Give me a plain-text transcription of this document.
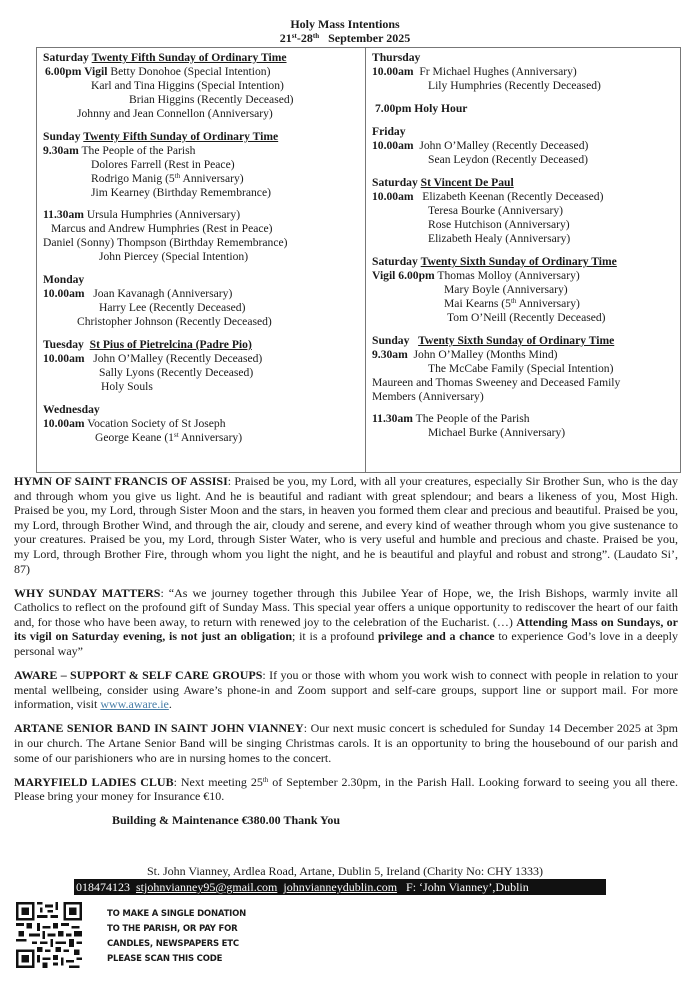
Holy Mass Intentions
21st-28th September 2025
Saturday Twenty Fifth Sunday of Ordinary Time
6.00pm Vigil Betty Donohoe (Special Intention)
Karl and Tina Higgins (Special Intention)
Brian Higgins (Recently Deceased)
Johnny and Jean Connellon (Anniversary)
Sunday Twenty Fifth Sunday of Ordinary Time
9.30am The People of the Parish
Dolores Farrell (Rest in Peace)
Rodrigo Manig (5th Anniversary)
Jim Kearney (Birthday Remembrance)
11.30am Ursula Humphries (Anniversary)
Marcus and Andrew Humphries (Rest in Peace)
Daniel (Sonny) Thompson (Birthday Remembrance)
John Piercey (Special Intention)
Monday
10.00am Joan Kavanagh (Anniversary)
Harry Lee (Recently Deceased)
Christopher Johnson (Recently Deceased)
Tuesday St Pius of Pietrelcina (Padre Pio)
10.00am John O’Malley (Recently Deceased)
Sally Lyons (Recently Deceased)
Holy Souls
Wednesday
10.00am Vocation Society of St Joseph
George Keane (1st Anniversary)
Thursday
10.00am Fr Michael Hughes (Anniversary)
Lily Humphries (Recently Deceased)
7.00pm Holy Hour
Friday
10.00am John O’Malley (Recently Deceased)
Sean Leydon (Recently Deceased)
Saturday St Vincent De Paul
10.00am Elizabeth Keenan (Recently Deceased)
Teresa Bourke (Anniversary)
Rose Hutchison (Anniversary)
Elizabeth Healy (Anniversary)
Saturday Twenty Sixth Sunday of Ordinary Time
Vigil 6.00pm Thomas Molloy (Anniversary)
Mary Boyle (Anniversary)
Mai Kearns (5th Anniversary)
Tom O’Neill (Recently Deceased)
Sunday Twenty Sixth Sunday of Ordinary Time
9.30am John O’Malley (Months Mind)
The McCabe Family (Special Intention)
Maureen and Thomas Sweeney and Deceased Family
Members (Anniversary)
11.30am The People of the Parish
Michael Burke (Anniversary)

HYMN OF SAINT FRANCIS OF ASSISI: Praised be you, my Lord, with all your creatures, especially Sir Brother Sun, who is the day and through whom you give us light. And he is beautiful and radiant with great splendour; and bears a likeness of you, Most High. Praised be you, my Lord, through Sister Moon and the stars, in heaven you formed them clear and precious and beautiful. Praised be you, my Lord, through Brother Wind, and through the air, cloudy and serene, and every kind of weather through whom you give sustenance to your creatures. Praised be you, my Lord, through Sister Water, who is very useful and humble and precious and chaste. Praised be you, my Lord, through Brother Fire, through whom you light the night, and he is beautiful and playful and robust and strong”. (Laudato Si’, 87)

WHY SUNDAY MATTERS: “As we journey together through this Jubilee Year of Hope, we, the Irish Bishops, warmly invite all Catholics to reflect on the profound gift of Sunday Mass. This special year offers a unique opportunity to rediscover the heart of our faith and, for those who have been away, to return with renewed joy to the celebration of the Eucharist. (…) Attending Mass on Sundays, or its vigil on Saturday evening, is not just an obligation; it is a profound privilege and a chance to experience God’s love in a deeply personal way”

AWARE – SUPPORT & SELF CARE GROUPS: If you or those with whom you work wish to connect with people in relation to your mental wellbeing, consider using Aware’s phone-in and Zoom support and self-care groups, support line or support mail. For more information, visit www.aware.ie.

ARTANE SENIOR BAND IN SAINT JOHN VIANNEY: Our next music concert is scheduled for Sunday 14 December 2025 at 3pm in our church. The Artane Senior Band will be singing Christmas carols. It is an opportunity to bring the housebound of our parish and some of our parishioners who are in nursing homes to the concert.

MARYFIELD LADIES CLUB: Next meeting 25th of September 2.30pm, in the Parish Hall. Looking forward to seeing you all there. Please bring your money for Insurance €10.

Building & Maintenance €380.00 Thank You
St. John Vianney, Ardlea Road, Artane, Dublin 5, Ireland (Charity No: CHY 1333)
018474123 stjohnvianney95@gmail.com johnvianneydublin.com F: ‘John Vianney’,Dublin
TO MAKE A SINGLE DONATION
TO THE PARISH, OR PAY FOR
CANDLES, NEWSPAPERS ETC
PLEASE SCAN THIS CODE
